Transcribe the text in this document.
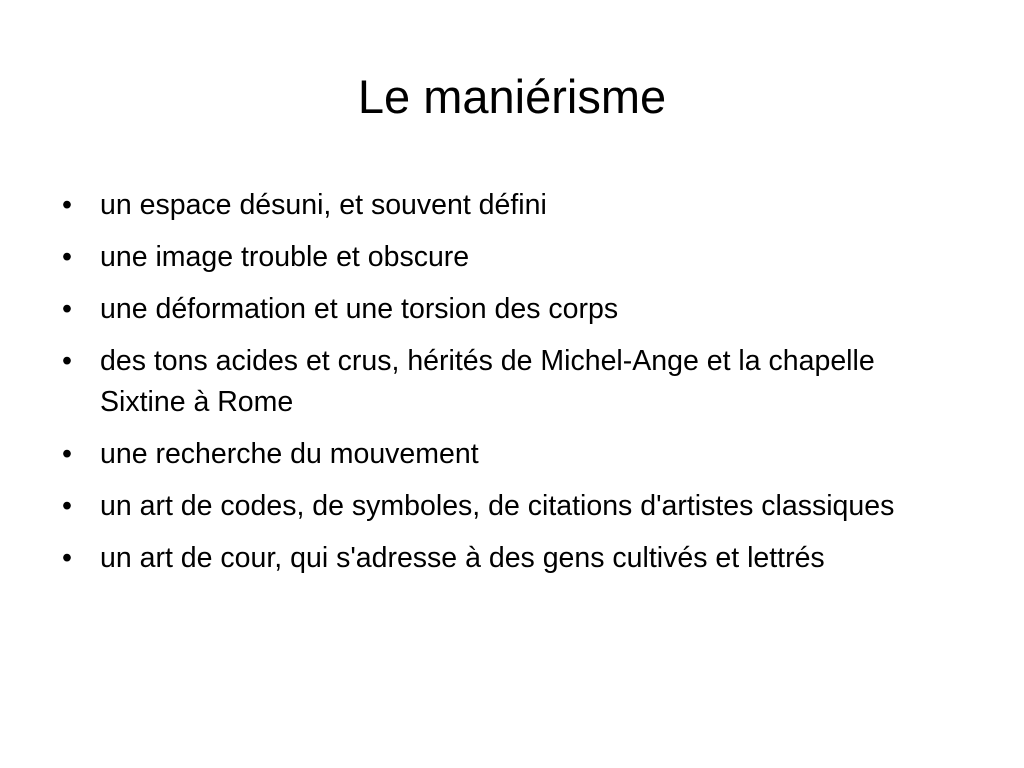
Le maniérisme
• un espace désuni, et souvent défini
• une image trouble et obscure
• une déformation et une torsion des corps
• des tons acides et crus, hérités de Michel-Ange et la chapelle Sixtine à Rome
• une recherche du mouvement
• un art de codes, de symboles, de citations d'artistes classiques
• un art de cour, qui s'adresse à des gens cultivés et lettrés
